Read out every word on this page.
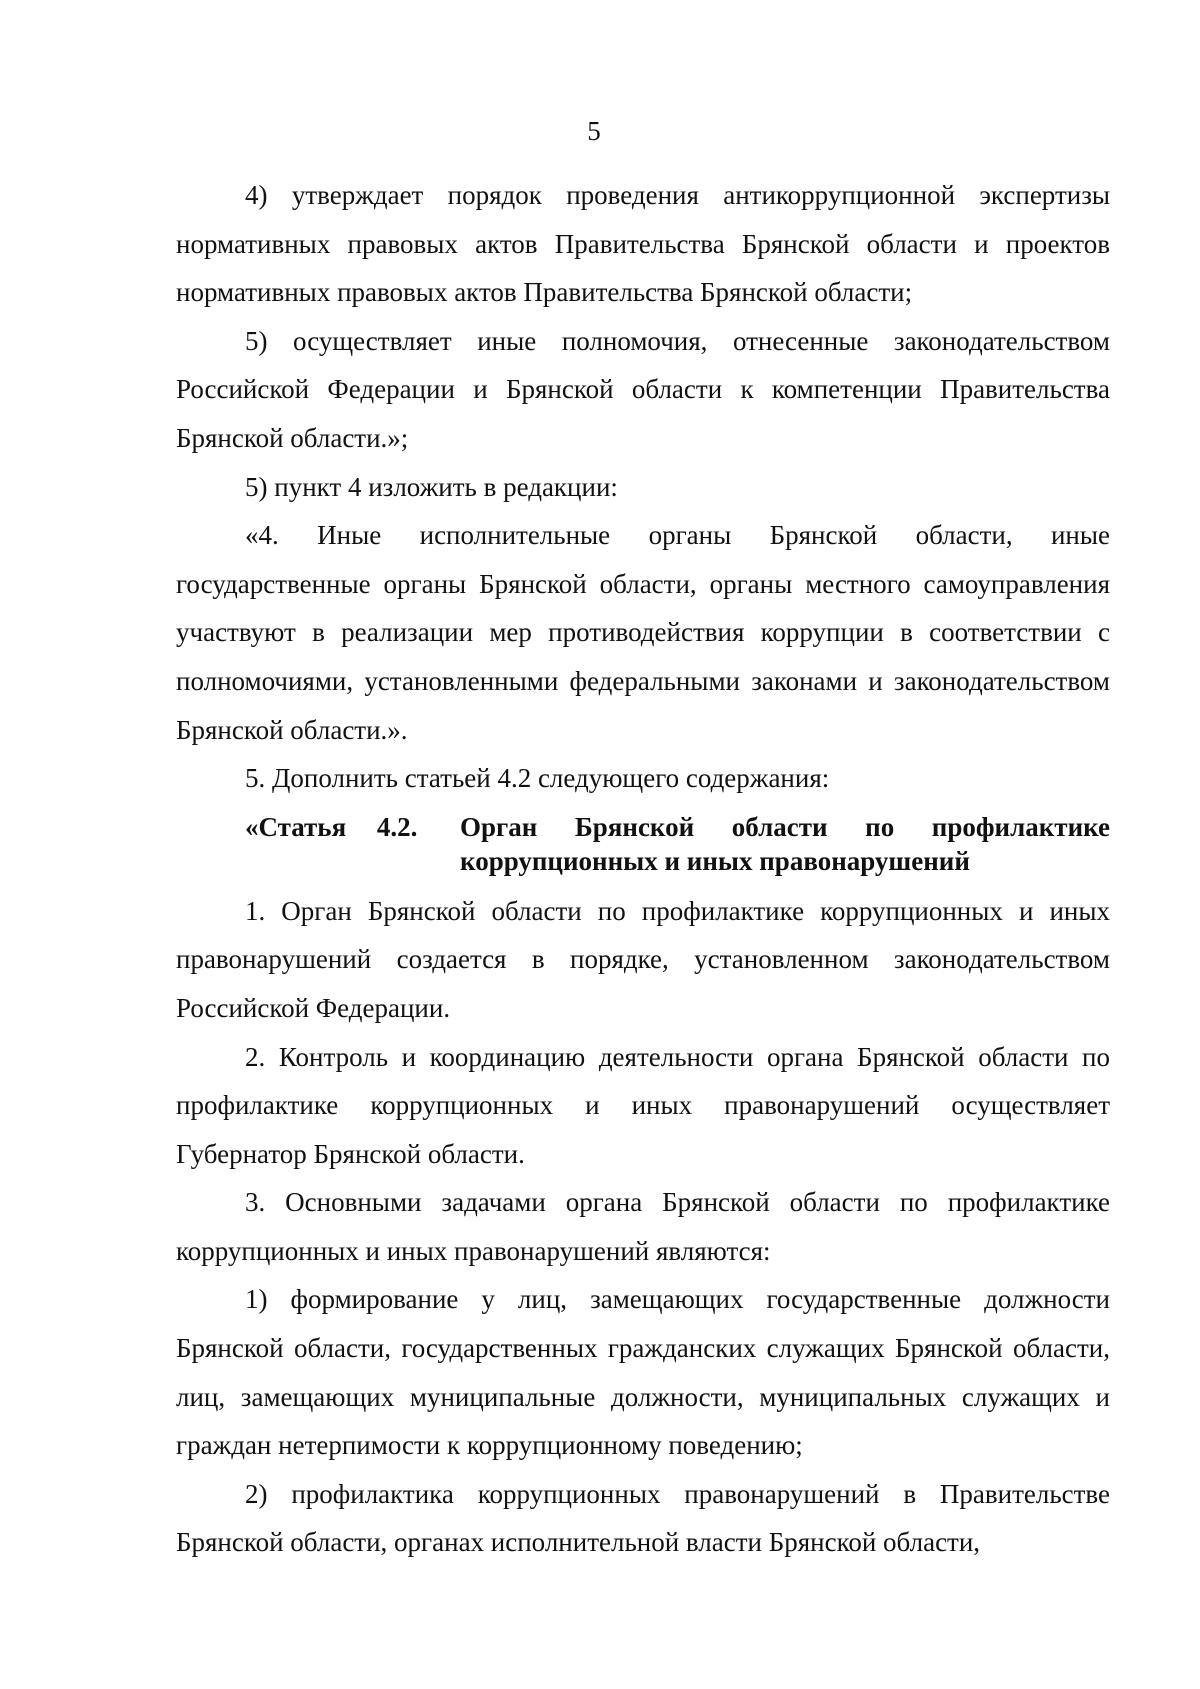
5

4) утверждает порядок проведения антикоррупционной экспертизы нормативных правовых актов Правительства Брянской области и проектов нормативных правовых актов Правительства Брянской области;

5) осуществляет иные полномочия, отнесенные законодательством Российской Федерации и Брянской области к компетенции Правительства Брянской области.»;

5) пункт 4 изложить в редакции:

«4. Иные исполнительные органы Брянской области, иные государственные органы Брянской области, органы местного самоуправления участвуют в реализации мер противодействия коррупции в соответствии с полномочиями, установленными федеральными законами и законодательством Брянской области.».

5. Дополнить статьей 4.2 следующего содержания:

«Статья 4.2.	Орган Брянской области по профилактике коррупционных и иных правонарушений

1. Орган Брянской области по профилактике коррупционных и иных правонарушений создается в порядке, установленном законодательством Российской Федерации.

2. Контроль и координацию деятельности органа Брянской области по профилактике коррупционных и иных правонарушений осуществляет Губернатор Брянской области.

3. Основными задачами органа Брянской области по профилактике коррупционных и иных правонарушений являются:

1) формирование у лиц, замещающих государственные должности Брянской области, государственных гражданских служащих Брянской области, лиц, замещающих муниципальные должности, муниципальных служащих и граждан нетерпимости к коррупционному поведению;

2) профилактика коррупционных правонарушений в Правительстве Брянской области, органах исполнительной власти Брянской области,
